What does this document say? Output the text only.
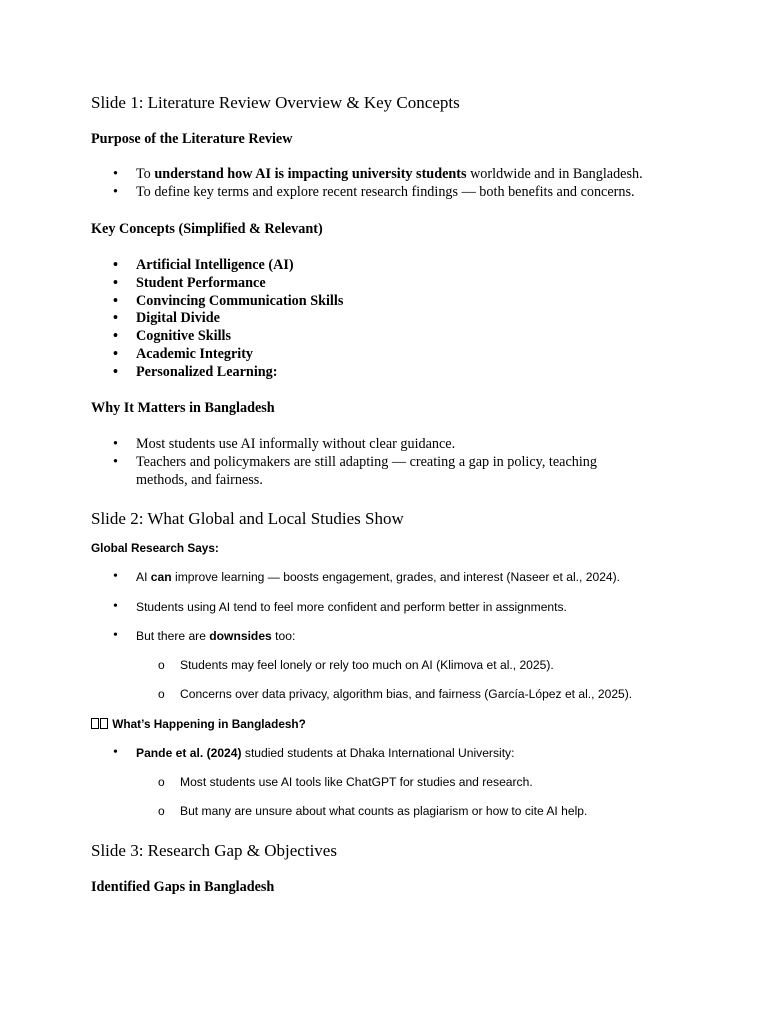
Slide 1: Literature Review Overview & Key Concepts
Purpose of the Literature Review
• To understand how AI is impacting university students worldwide and in Bangladesh.
• To define key terms and explore recent research findings — both benefits and concerns.
Key Concepts (Simplified & Relevant)
• Artificial Intelligence (AI)
• Student Performance
• Convincing Communication Skills
• Digital Divide
• Cognitive Skills
• Academic Integrity
• Personalized Learning:
Why It Matters in Bangladesh
• Most students use AI informally without clear guidance.
• Teachers and policymakers are still adapting — creating a gap in policy, teaching methods, and fairness.
Slide 2: What Global and Local Studies Show
Global Research Says:
• AI can improve learning — boosts engagement, grades, and interest (Naseer et al., 2024).
• Students using AI tend to feel more confident and perform better in assignments.
• But there are downsides too:
o Students may feel lonely or rely too much on AI (Klimova et al., 2025).
o Concerns over data privacy, algorithm bias, and fairness (García-López et al., 2025).
What’s Happening in Bangladesh?
• Pande et al. (2024) studied students at Dhaka International University:
o Most students use AI tools like ChatGPT for studies and research.
o But many are unsure about what counts as plagiarism or how to cite AI help.
Slide 3: Research Gap & Objectives
Identified Gaps in Bangladesh
